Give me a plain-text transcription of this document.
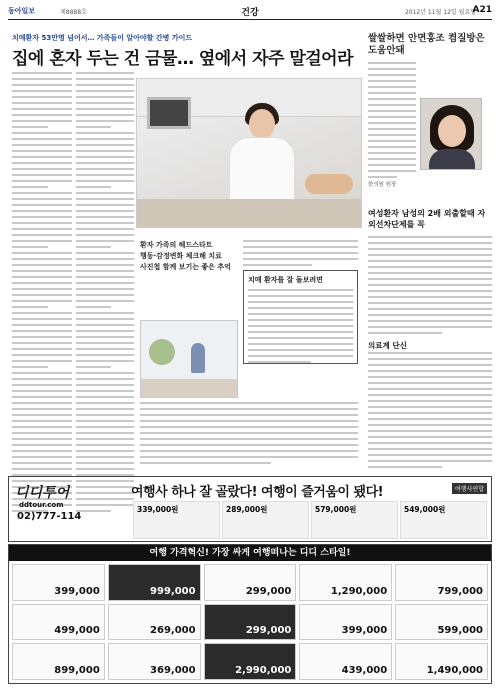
동아일보	제8888호	건강	2012년 11월 12일 월요일
A21
치매환자 53만명 넘어서… 가족들이 알아야할 간병 가이드
집에 혼자 두는 건 금물… 옆에서 자주 말걸어라
쌀쌀하면 안면홍조 켬질방은 도움안돼
환자 가족의 헤드스타트
행동·감정변화 체크해 치료
사진첩 함께 보기는 좋은 추억
치매 환자를 잘 돌보려면
한의원 원장
여성환자 남성의 2배 외출할때 자외선차단제를 꼭
의료계 단신
디디투어
ddtour.com
02)777-114
여행사 하나 잘 골랐다! 여행이 즐거움이 됐다!	여행사연합
339,000원	289,000원	579,000원	549,000원
여행 가격혁신! 가장 싸게 여행떠나는 디디 스타일!
399,000	999,000	299,000	1,290,000	799,000
499,000	269,000	299,000	399,000	599,000
899,000	369,000	2,990,000	439,000	1,490,000
